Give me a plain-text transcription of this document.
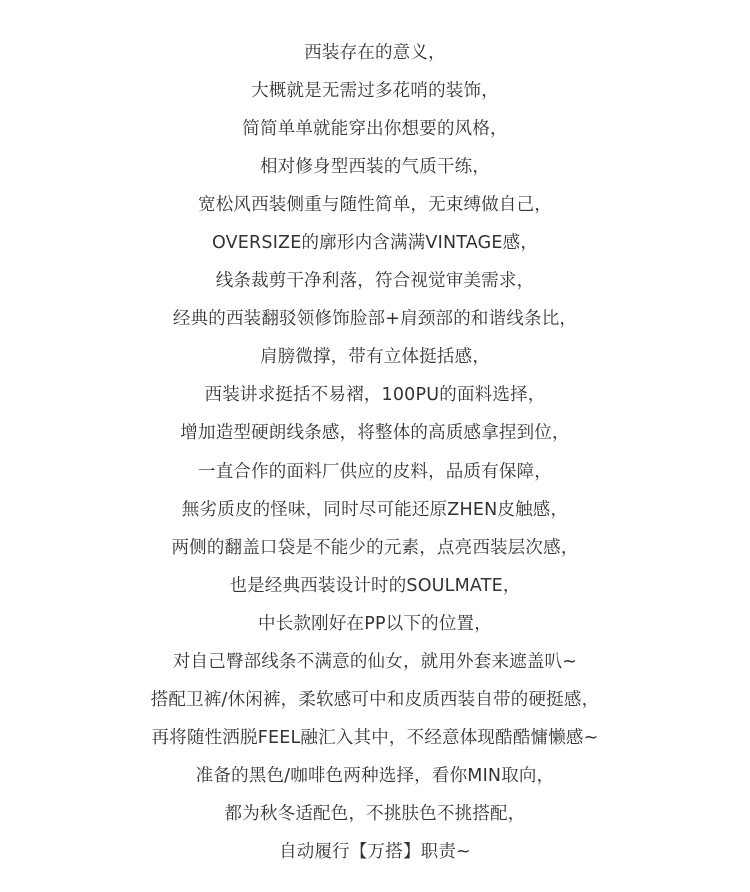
西装存在的意义，
大概就是无需过多花哨的装饰，
简简单单就能穿出你想要的风格，
相对修身型西装的气质干练，
宽松风西装侧重与随性简单，无束缚做自己，
OVERSIZE的廓形内含满满VINTAGE感，
线条裁剪干净利落，符合视觉审美需求，
经典的西装翻驳领修饰脸部+肩颈部的和谐线条比，
肩膀微撑，带有立体挺括感，
西装讲求挺括不易褶，100PU的面料选择，
增加造型硬朗线条感，将整体的高质感拿捏到位，
一直合作的面料厂供应的皮料，品质有保障，
無劣质皮的怪味，同时尽可能还原ZHEN皮触感，
两侧的翻盖口袋是不能少的元素，点亮西装层次感，
也是经典西装设计时的SOULMATE，
中长款刚好在PP以下的位置，
对自己臀部线条不满意的仙女，就用外套来遮盖叭~
搭配卫裤/休闲裤，柔软感可中和皮质西装自带的硬挺感，
再将随性洒脱FEEL融汇入其中，不经意体现酷酷慵懒感~
准备的黑色/咖啡色两种选择，看你MIN取向，
都为秋冬适配色，不挑肤色不挑搭配，
自动履行【万搭】职责~
